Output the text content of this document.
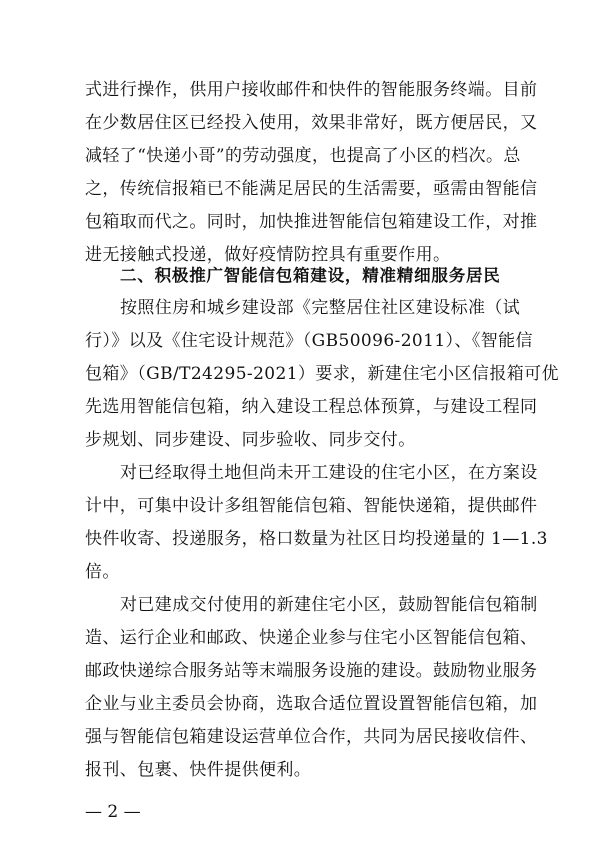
式进行操作，供用户接收邮件和快件的智能服务终端。目前
在少数居住区已经投入使用，效果非常好，既方便居民，又
减轻了“快递小哥”的劳动强度，也提高了小区的档次。总
之，传统信报箱已不能满足居民的生活需要，亟需由智能信
包箱取而代之。同时，加快推进智能信包箱建设工作，对推
进无接触式投递，做好疫情防控具有重要作用。
二、积极推广智能信包箱建设，精准精细服务居民
按照住房和城乡建设部《完整居住社区建设标准（试
行）》以及《住宅设计规范》（GB50096-2011）、《智能信
包箱》（GB/T24295-2021）要求，新建住宅小区信报箱可优
先选用智能信包箱，纳入建设工程总体预算，与建设工程同
步规划、同步建设、同步验收、同步交付。
对已经取得土地但尚未开工建设的住宅小区，在方案设
计中，可集中设计多组智能信包箱、智能快递箱，提供邮件
快件收寄、投递服务，格口数量为社区日均投递量的 1—1.3
倍。
对已建成交付使用的新建住宅小区，鼓励智能信包箱制
造、运行企业和邮政、快递企业参与住宅小区智能信包箱、
邮政快递综合服务站等末端服务设施的建设。鼓励物业服务
企业与业主委员会协商，选取合适位置设置智能信包箱，加
强与智能信包箱建设运营单位合作，共同为居民接收信件、
报刊、包裹、快件提供便利。
— 2 —
